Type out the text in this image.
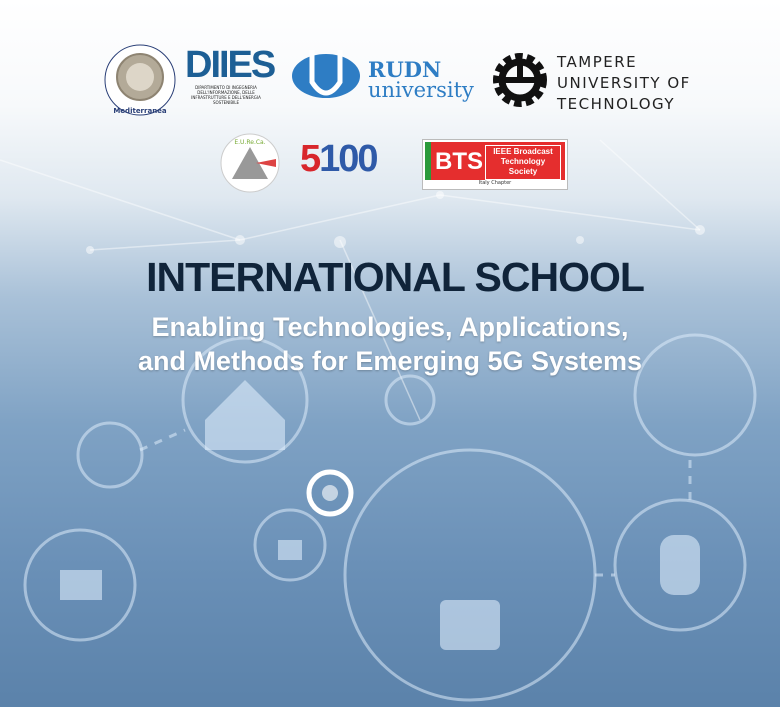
Mediterranea
DIIES
DIPARTIMENTO DI INGEGNERIA DELL'INFORMAZIONE, DELLE INFRASTRUTTURE E DELL'ENERGIA SOSTENIBILE
RUDN
university
TAMPERE
UNIVERSITY OF
TECHNOLOGY
E.U.Re.Ca. 5100 BTS	IEEE Broadcast
Technology
Society
Italy Chapter
INTERNATIONAL SCHOOL
Enabling Technologies, Applications,
and Methods for Emerging 5G Systems
